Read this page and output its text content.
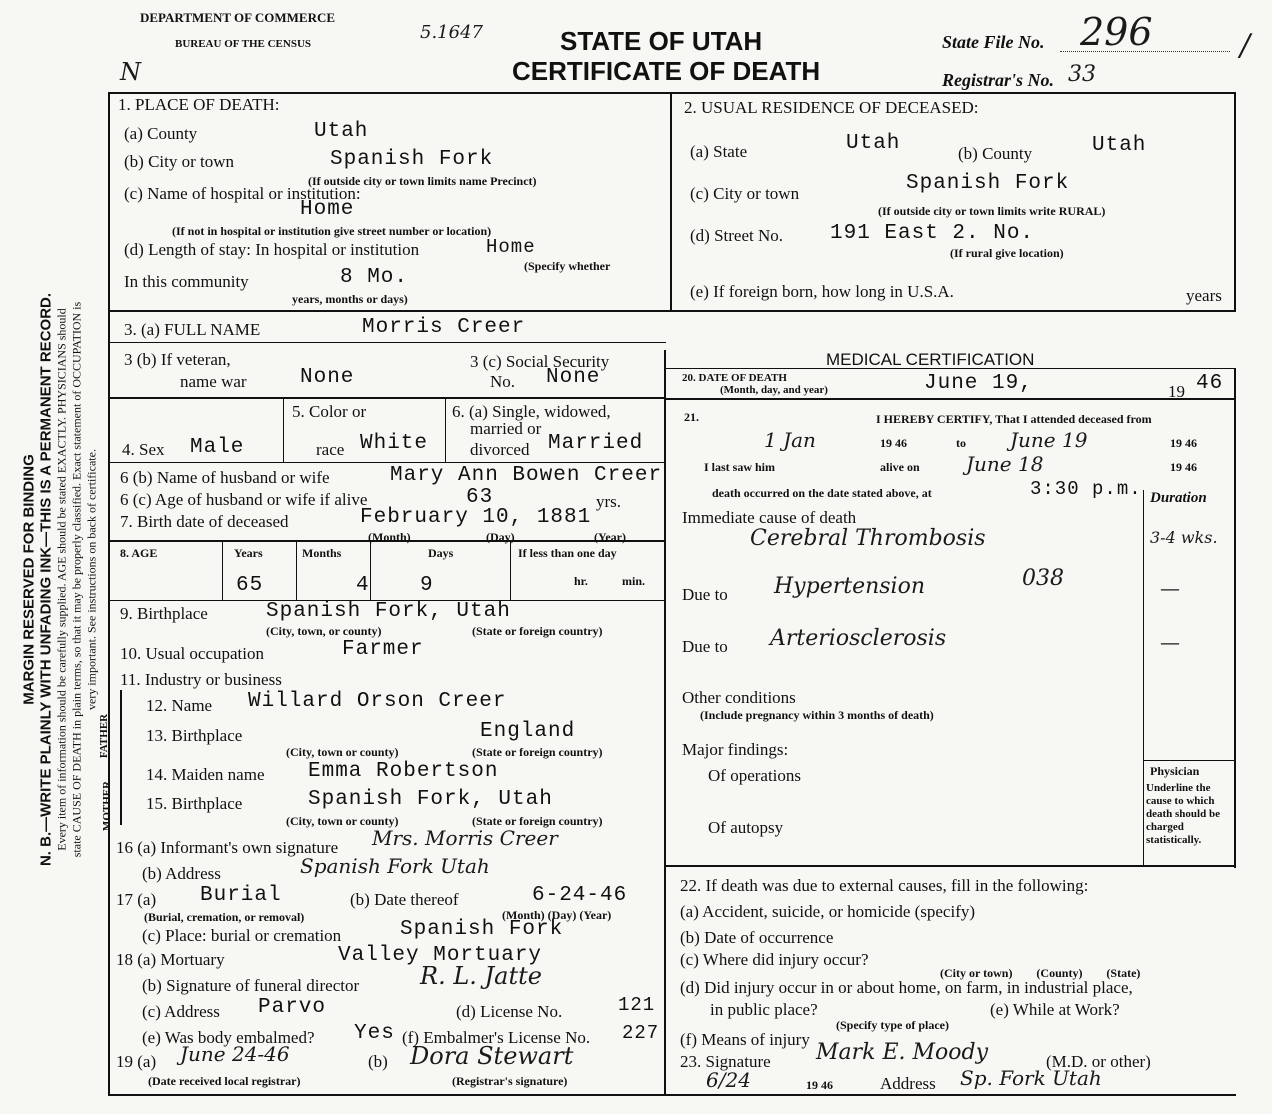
MARGIN RESERVED FOR BINDING N. B.—WRITE PLAINLY WITH UNFADING INK—THIS IS A PERMANENT RECORD. Every item of information should be carefully supplied. AGE should be stated EXACTLY. PHYSICIANS should state CAUSE OF DEATH in plain terms, so that it may be properly classified. Exact statement of OCCUPATION is very important. See instructions on back of certificate.
DEPARTMENT OF COMMERCE
BUREAU OF THE CENSUS
5.1647
N
STATE OF UTAH
CERTIFICATE OF DEATH
State File No. 296
Registrar's No. 33
/
1. PLACE OF DEATH:
(a) County	Utah
(b) City or town	Spanish Fork
(If outside city or town limits name Precinct)
(c) Name of hospital or institution:
Home
(If not in hospital or institution give street number or location)
(d) Length of stay: In hospital or institution	Home
(Specify whether
In this community	8 Mo.
years, months or days)
2. USUAL RESIDENCE OF DECEASED:
(a) State	Utah	(b) County	Utah
(c) City or town	Spanish Fork
(If outside city or town limits write RURAL)
(d) Street No. 191 East 2. No.
(If rural give location)
(e) If foreign born, how long in U.S.A.	years
3. (a) FULL NAME	Morris Creer
3 (b) If veteran,
name war	None
3 (c) Social Security
No. None
4. Sex Male
5. Color or
race White
6. (a) Single, widowed,
married or
divorced Married
6 (b) Name of husband or wife	Mary Ann Bowen Creer
6 (c) Age of husband or wife if alive	63	yrs.
7. Birth date of deceased	February 10, 1881
(Month)	(Day)	(Year)
8. AGE	Years	Months	Days	If less than one day
hr.	min.
65	4 9
9. Birthplace	Spanish Fork, Utah
(City, town, or county)	(State or foreign country)
10. Usual occupation	Farmer
11. Industry or business
FATHER
MOTHER
12. Name Willard Orson Creer
13. Birthplace	England
(City, town or county)	(State or foreign country)
14. Maiden name Emma Robertson
15. Birthplace	Spanish Fork, Utah
(City, town or county)	(State or foreign country)
16 (a) Informant's own signature Mrs. Morris Creer
(b) Address	Spanish Fork Utah
17 (a) Burial
(Burial, cremation, or removal)
(b) Date thereof	6-24-46
(Month) (Day) (Year)
(c) Place: burial or cremation	Spanish Fork
18 (a) Mortuary	Valley Mortuary
(b) Signature of funeral director	R. L. Jatte
(c) Address Parvo	(d) License No.	121
(e) Was body embalmed? Yes (f) Embalmer's License No. 227
19 (a) June 24-46
(Date received local registrar)
(b) Dora Stewart
(Registrar's signature)
MEDICAL CERTIFICATION
20. DATE OF DEATH
(Month, day, and year)	June 19,	19 46
21.	I HEREBY CERTIFY, That I attended deceased from
1 Jan	19 46	to June 19	19 46
I last saw him	alive on June 18	19 46
death occurred on the date stated above, at	3:30 p.m. Duration
Immediate cause of death
Cerebral Thrombosis	3-4 wks.
Due to Hypertension	038	—
Due to Arteriosclerosis	—
Other conditions
(Include pregnancy within 3 months of death)
Major findings:
Of operations
Of autopsy
Physician
Underline the cause to which death should be charged statistically.
22. If death was due to external causes, fill in the following:
(a) Accident, suicide, or homicide (specify)
(b) Date of occurrence
(c) Where did injury occur?
(City or town)        (County)        (State)
(d) Did injury occur in or about home, on farm, in industrial place,
in public place?
(Specify type of place)
(e) While at Work?
(f) Means of injury
23. Signature Mark E. Moody	(M.D. or other)
6/24	19 46	Address Sp. Fork Utah
